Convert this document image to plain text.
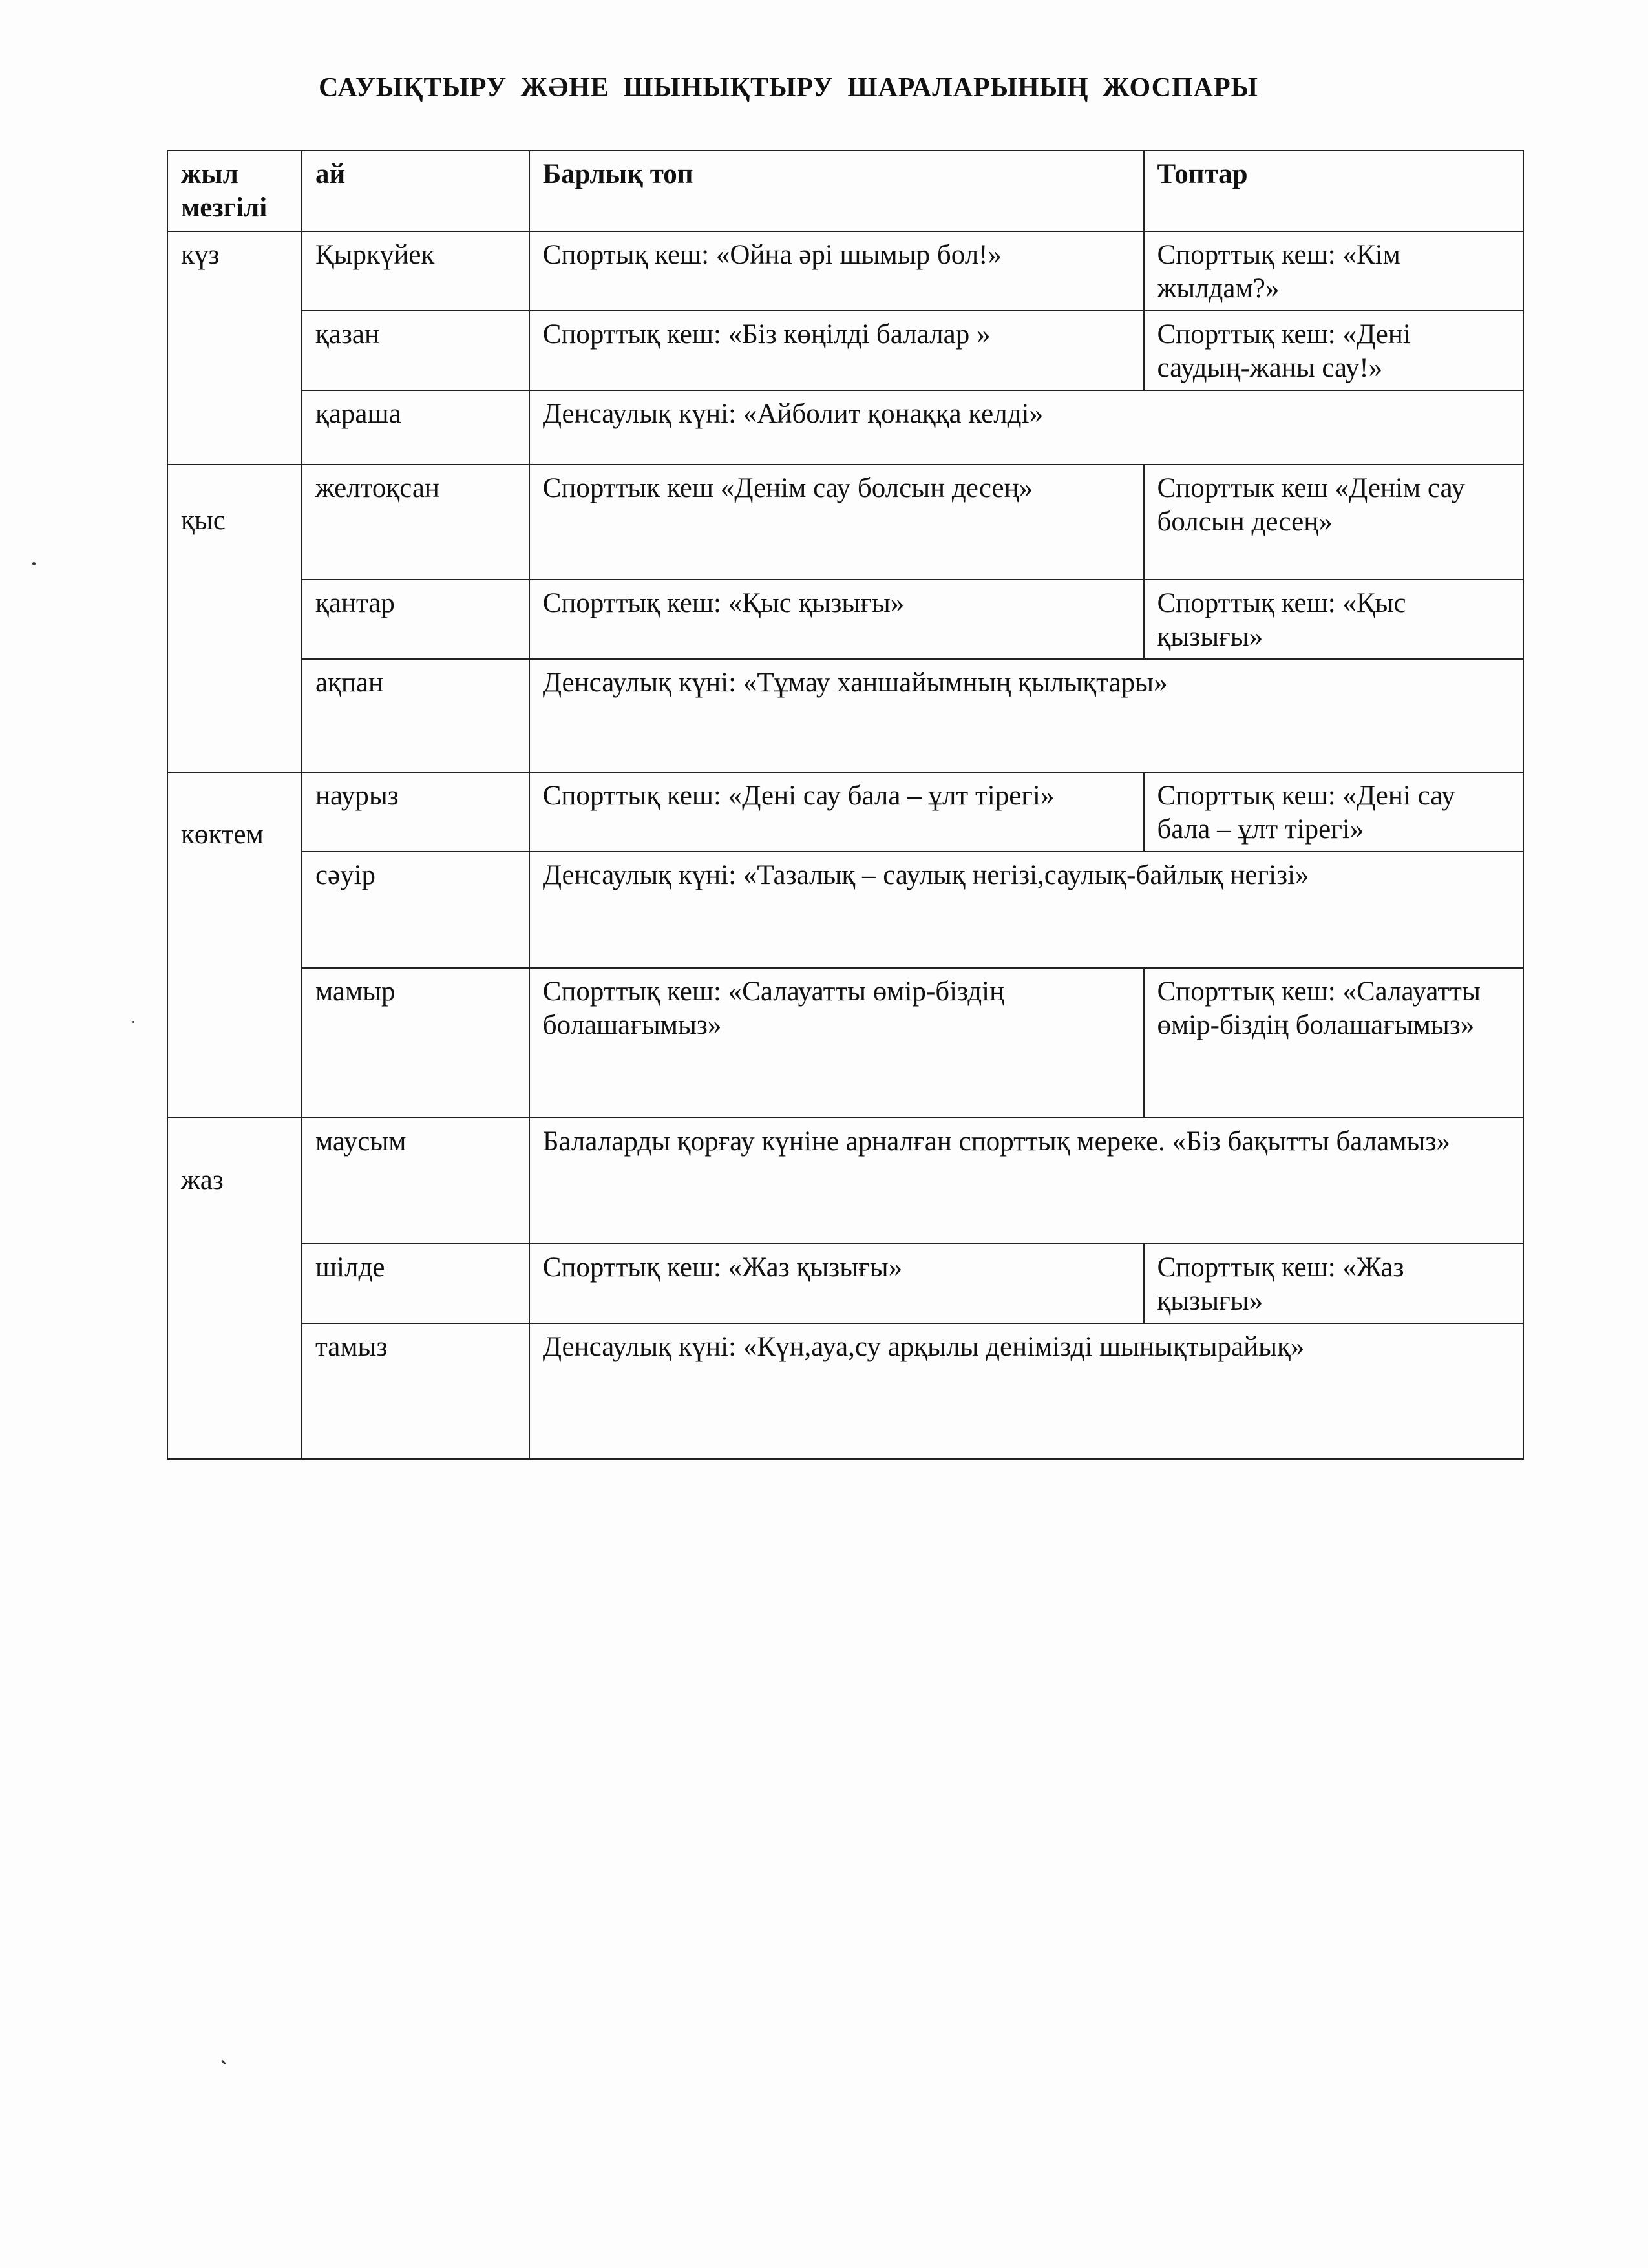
САУЫҚТЫРУ ЖӘНЕ ШЫНЫҚТЫРУ ШАРАЛАРЫНЫҢ ЖОСПАРЫ
жыл мезгілі	ай	Барлық топ	Топтар
күз	Қыркүйек	Спортық кеш: «Ойна әрі шымыр бол!»	Спорттық кеш: «Кім жылдам?»
	қазан	Спорттық кеш: «Біз көңілді балалар »	Спорттық кеш: «Дені саудың-жаны сау!»
	қараша	Денсаулық күні: «Айболит қонаққа келді»	
қыс	желтоқсан	Спорттык кеш «Денім сау болсын десең»	Спорттык кеш «Денім сау болсын десең»
	қантар	Спорттық кеш: «Қыс қызығы»	Спорттық кеш: «Қыс қызығы»
	ақпан	Денсаулық күні: «Тұмау ханшайымның қылықтары»	
көктем	наурыз	Спорттық кеш: «Дені сау бала – ұлт тірегі»	Спорттық кеш: «Дені сау бала – ұлт тірегі»
	сәуір	Денсаулық күні: «Тазалық – саулық негізі,саулық-байлық негізі»	
	мамыр	Спорттық кеш: «Салауатты өмір-біздің болашағымыз»	Спорттық кеш: «Салауатты өмір-біздің болашағымыз»
жаз	маусым	Балаларды қорғау күніне арналған спорттық мереке. «Біз бақытты баламыз»	
	шілде	Спорттық кеш: «Жаз қызығы»	Спорттық кеш: «Жаз қызығы»
	тамыз	Денсаулық күні: «Күн,ауа,су арқылы денімізді шынықтырайық»	
